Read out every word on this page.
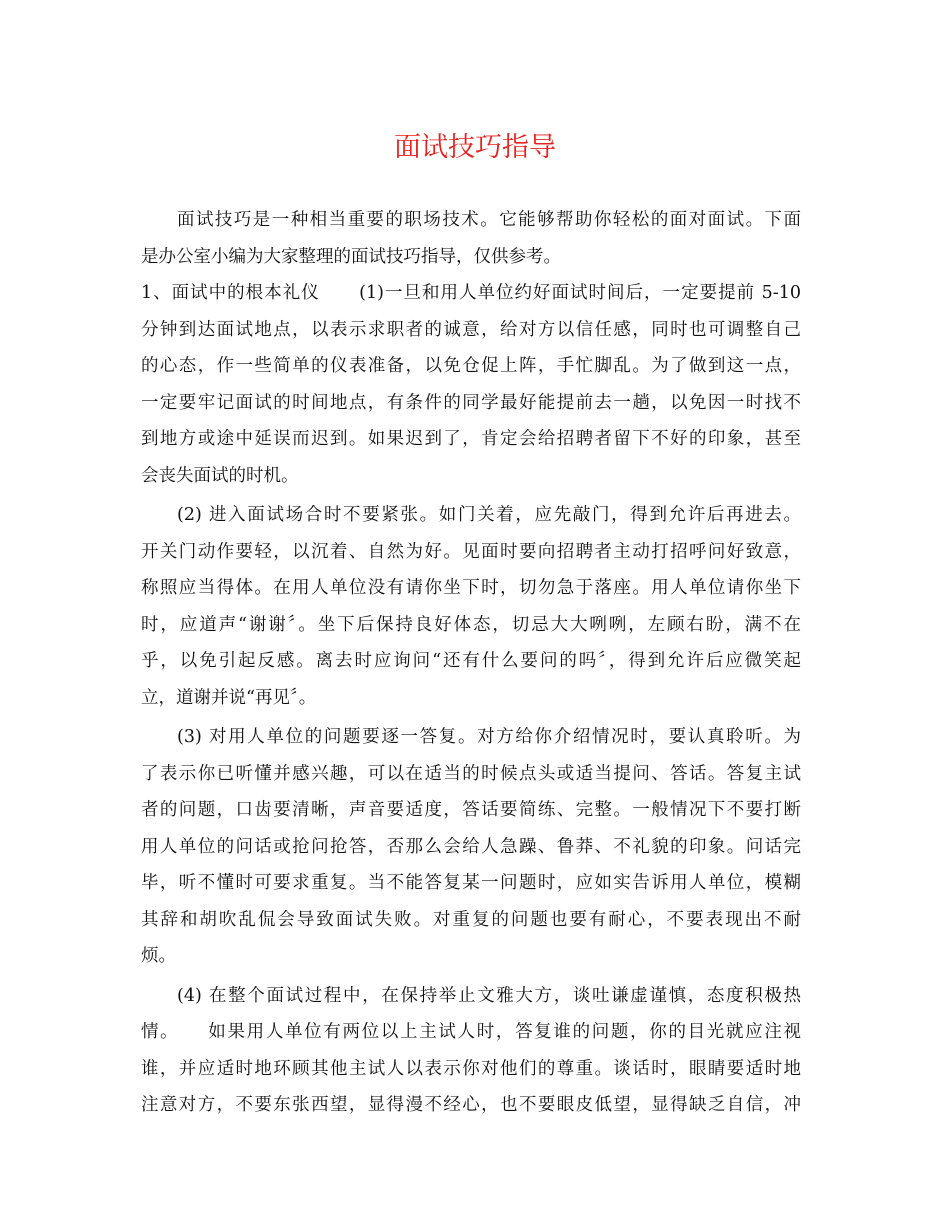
面试技巧指导
面试技巧是一种相当重要的职场技术。它能够帮助你轻松的面对面试。下面
是办公室小编为大家整理的面试技巧指导，仅供参考。
1、面试中的根本礼仪      (1)一旦和用人单位约好面试时间后，一定要提前 5-10
分钟到达面试地点，以表示求职者的诚意，给对方以信任感，同时也可调整自己
的心态，作一些简单的仪表准备，以免仓促上阵，手忙脚乱。为了做到这一点，
一定要牢记面试的时间地点，有条件的同学最好能提前去一趟，以免因一时找不
到地方或途中延误而迟到。如果迟到了，肯定会给招聘者留下不好的印象，甚至
会丧失面试的时机。
(2) 进入面试场合时不要紧张。如门关着，应先敲门，得到允许后再进去。
开关门动作要轻，以沉着、自然为好。见面时要向招聘者主动打招呼问好致意，
称照应当得体。在用人单位没有请你坐下时，切勿急于落座。用人单位请你坐下
时，应道声“谢谢〞。坐下后保持良好体态，切忌大大咧咧，左顾右盼，满不在
乎，以免引起反感。离去时应询问“还有什么要问的吗〞，得到允许后应微笑起
立，道谢并说“再见〞。
(3) 对用人单位的问题要逐一答复。对方给你介绍情况时，要认真聆听。为
了表示你已听懂并感兴趣，可以在适当的时候点头或适当提问、答话。答复主试
者的问题，口齿要清晰，声音要适度，答话要简练、完整。一般情况下不要打断
用人单位的问话或抢问抢答，否那么会给人急躁、鲁莽、不礼貌的印象。问话完
毕，听不懂时可要求重复。当不能答复某一问题时，应如实告诉用人单位，模糊
其辞和胡吹乱侃会导致面试失败。对重复的问题也要有耐心，不要表现出不耐
烦。
(4) 在整个面试过程中，在保持举止文雅大方，谈吐谦虚谨慎，态度积极热
情。    如果用人单位有两位以上主试人时，答复谁的问题，你的目光就应注视
谁，并应适时地环顾其他主试人以表示你对他们的尊重。谈话时，眼睛要适时地
注意对方，不要东张西望，显得漫不经心，也不要眼皮低望，显得缺乏自信，冲
